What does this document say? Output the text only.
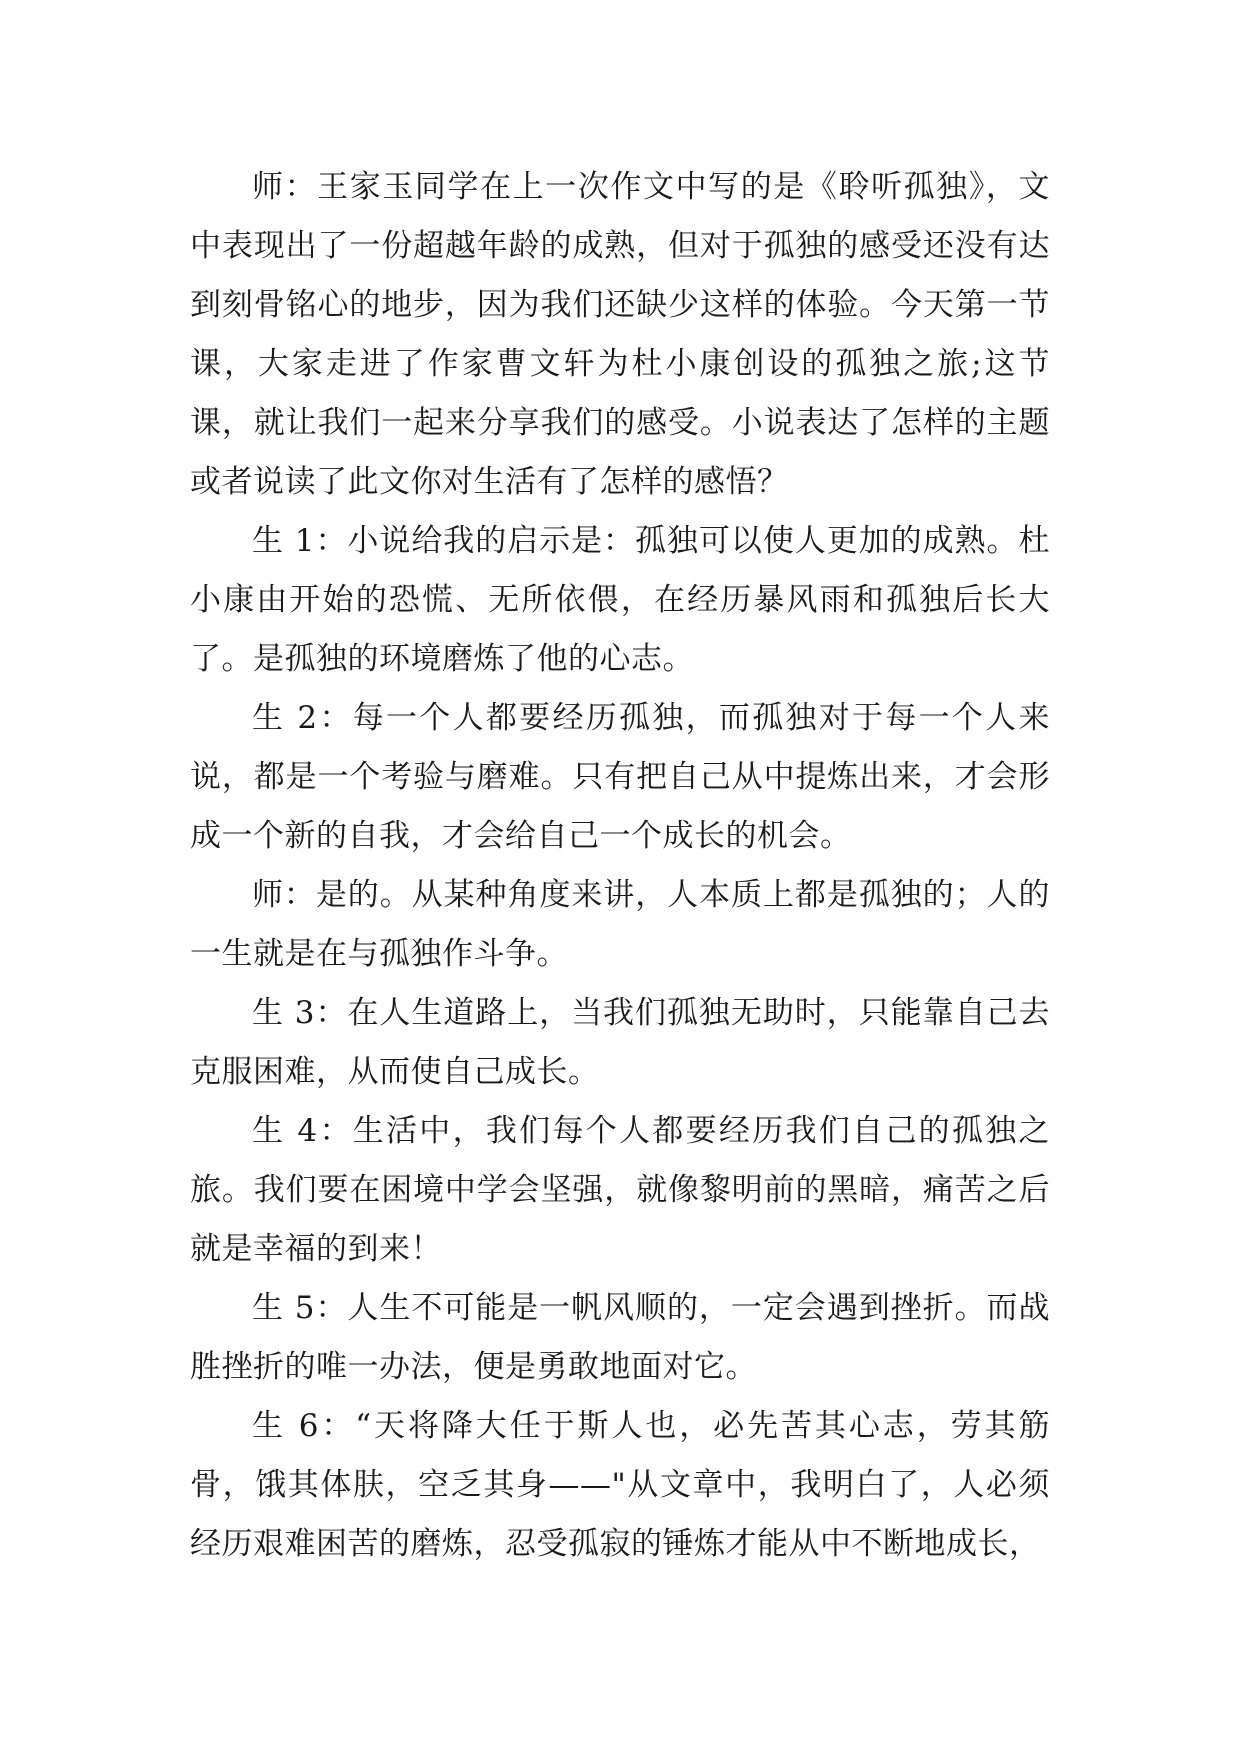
师：王家玉同学在上一次作文中写的是《聆听孤独》，文中表现出了一份超越年龄的成熟，但对于孤独的感受还没有达到刻骨铭心的地步，因为我们还缺少这样的体验。今天第一节课，大家走进了作家曹文轩为杜小康创设的孤独之旅;这节课，就让我们一起来分享我们的感受。小说表达了怎样的主题或者说读了此文你对生活有了怎样的感悟？

生 1：小说给我的启示是：孤独可以使人更加的成熟。杜小康由开始的恐慌、无所依偎，在经历暴风雨和孤独后长大了。是孤独的环境磨炼了他的心志。

生 2：每一个人都要经历孤独，而孤独对于每一个人来说，都是一个考验与磨难。只有把自己从中提炼出来，才会形成一个新的自我，才会给自己一个成长的机会。

师：是的。从某种角度来讲，人本质上都是孤独的；人的一生就是在与孤独作斗争。

生 3：在人生道路上，当我们孤独无助时，只能靠自己去克服困难，从而使自己成长。

生 4：生活中，我们每个人都要经历我们自己的孤独之旅。我们要在困境中学会坚强，就像黎明前的黑暗，痛苦之后就是幸福的到来！

生 5：人生不可能是一帆风顺的，一定会遇到挫折。而战胜挫折的唯一办法，便是勇敢地面对它。

生 6：“天将降大任于斯人也，必先苦其心志，劳其筋骨，饿其体肤，空乏其身——"从文章中，我明白了，人必须经历艰难困苦的磨炼，忍受孤寂的锤炼才能从中不断地成长，
